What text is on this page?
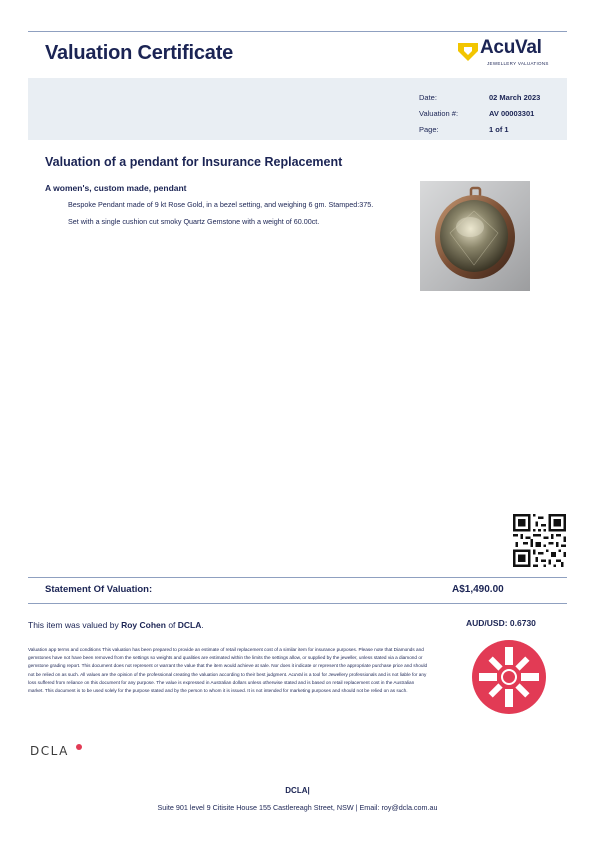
Valuation Certificate	AcuVal
JEWELLERY VALUATIONS
Date:	02 March 2023
Valuation #:	AV 00003301
Page:	1 of 1
Valuation of a pendant for Insurance Replacement
A women's, custom made, pendant

Bespoke Pendant made of 9 kt Rose Gold, in a bezel setting, and weighing 6 gm. Stamped:375.

Set with a single cushion cut smoky Quartz Gemstone with a weight of 60.00ct.

Statement Of Valuation:	A$1,490.00
This item was valued by Roy Cohen of DCLA.	AUD/USD: 0.6730
Valuation app terms and conditions This valuation has been prepared to provide an estimate of retail replacement cost of a similar item for insurance purposes. Please note that Diamonds and gemstones have not have been removed from the settings so weights and qualities are estimated within the limits the settings allow, or supplied by the jeweller, unless stated via a diamond or gemstone grading report. This document does not represent or warrant the value that the item would achieve at sale. Nor does it indicate or represent the appropriate purchase price and should not be relied on as such. All values are the opinion of the professional creating the valuation according to their best judgment. AcuVal is a tool for Jewellery professionals and is not liable for any loss suffered from reliance on this document for any purpose. The value is expressed in Australian dollars unless otherwise stated and is based on retail replacement cost in the Australian market. This document is to be used solely for the purpose stated and by the person to whom it is issued. It is not intended for marketing purposes and should not be relied on as such.
DCLA
DCLA|
Suite 901 level 9 Citisite House 155 Castlereagh Street, NSW | Email: roy@dcla.com.au
